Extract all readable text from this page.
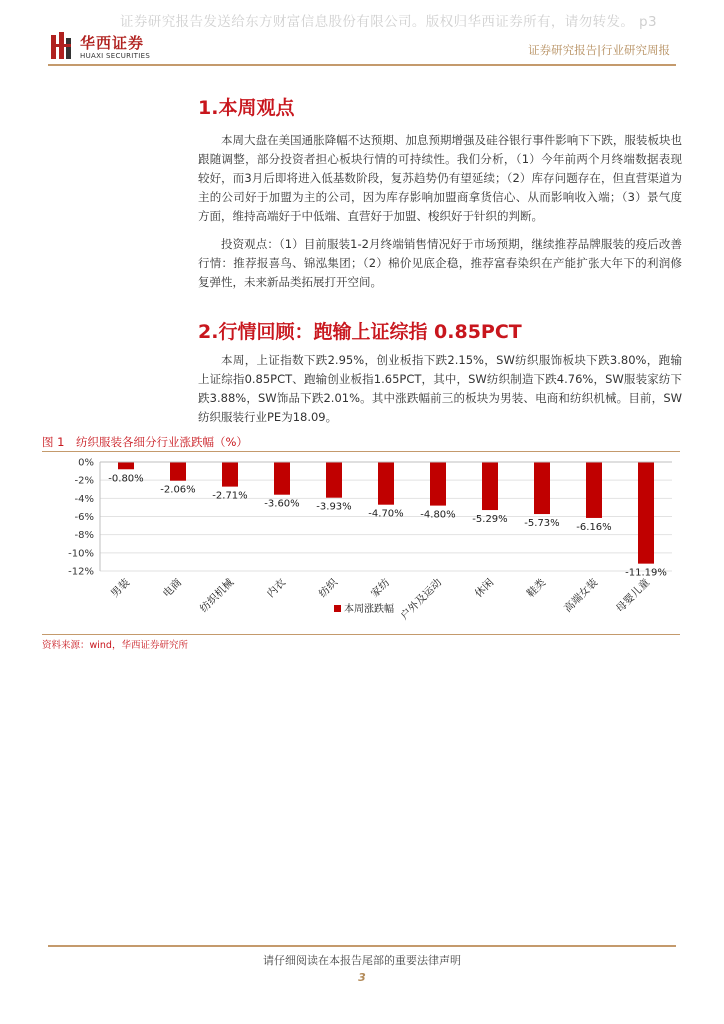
证券研究报告发送给东方财富信息股份有限公司。版权归华西证券所有，请勿转发。 p3
华西证券
HUAXI SECURITIES	证券研究报告|行业研究周报
1.本周观点
本周大盘在美国通胀降幅不达预期、加息预期增强及硅谷银行事件影响下下跌，服装板块也跟随调整，部分投资者担心板块行情的可持续性。我们分析，（1）今年前两个月终端数据表现较好，而3月后即将进入低基数阶段，复苏趋势仍有望延续；（2）库存问题存在，但直营渠道为主的公司好于加盟为主的公司，因为库存影响加盟商拿货信心、从而影响收入端；（3）景气度方面，维持高端好于中低端、直营好于加盟、梭织好于针织的判断。
投资观点：（1）目前服装1-2月终端销售情况好于市场预期，继续推荐品牌服装的疫后改善行情：推荐报喜鸟、锦泓集团；（2）棉价见底企稳，推荐富春染织在产能扩张大年下的利润修复弹性，未来新品类拓展打开空间。
2.行情回顾：跑输上证综指 0.85PCT
本周，上证指数下跌2.95%，创业板指下跌2.15%，SW纺织服饰板块下跌3.80%，跑输上证综指0.85PCT、跑输创业板指1.65PCT，其中，SW纺织制造下跌4.76%，SW服装家纺下跌3.88%，SW饰品下跌2.01%。其中涨跌幅前三的板块为男装、电商和纺织机械。目前，SW纺织服装行业PE为18.09。
图 1　纺织服装各细分行业涨跌幅（%）
0%
-2%
-4%
-6%
-8%
-10%
-12%
-0.80%
男装
-2.06%
电商
-2.71%
纺织机械
-3.60%
内衣
-3.93%
纺织
-4.70%
家纺
-4.80%
户外及运动
-5.29%
休闲
-5.73%
鞋类
-6.16%
高端女装
-11.19%
母婴儿童
本周涨跌幅
资料来源：wind，华西证券研究所
请仔细阅读在本报告尾部的重要法律声明
3
